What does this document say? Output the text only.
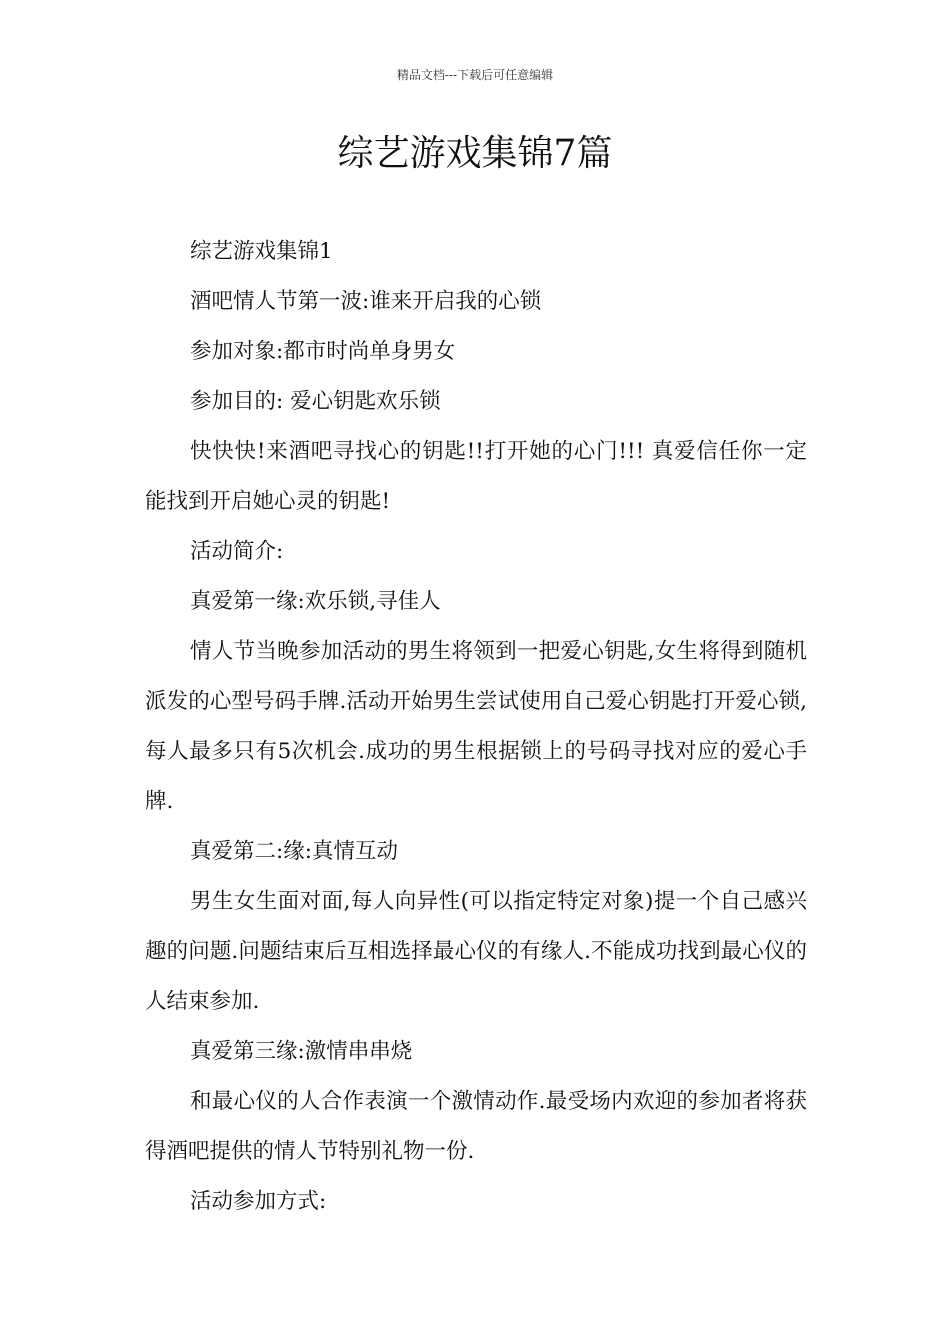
精品文档---下载后可任意编辑
综艺游戏集锦7篇

综艺游戏集锦1

酒吧情人节第一波:谁来开启我的心锁

参加对象:都市时尚单身男女

参加目的: 爱心钥匙欢乐锁

快快快!来酒吧寻找心的钥匙!!打开她的心门!!! 真爱信任你一定能找到开启她心灵的钥匙!

活动简介:

真爱第一缘:欢乐锁,寻佳人

情人节当晚参加活动的男生将领到一把爱心钥匙,女生将得到随机派发的心型号码手牌.活动开始男生尝试使用自己爱心钥匙打开爱心锁,每人最多只有5次机会.成功的男生根据锁上的号码寻找对应的爱心手牌.

真爱第二:缘:真情互动

男生女生面对面,每人向异性(可以指定特定对象)提一个自己感兴趣的问题.问题结束后互相选择最心仪的有缘人.不能成功找到最心仪的人结束参加.

真爱第三缘:激情串串烧

和最心仪的人合作表演一个激情动作.最受场内欢迎的参加者将获得酒吧提供的情人节特别礼物一份.

活动参加方式:
